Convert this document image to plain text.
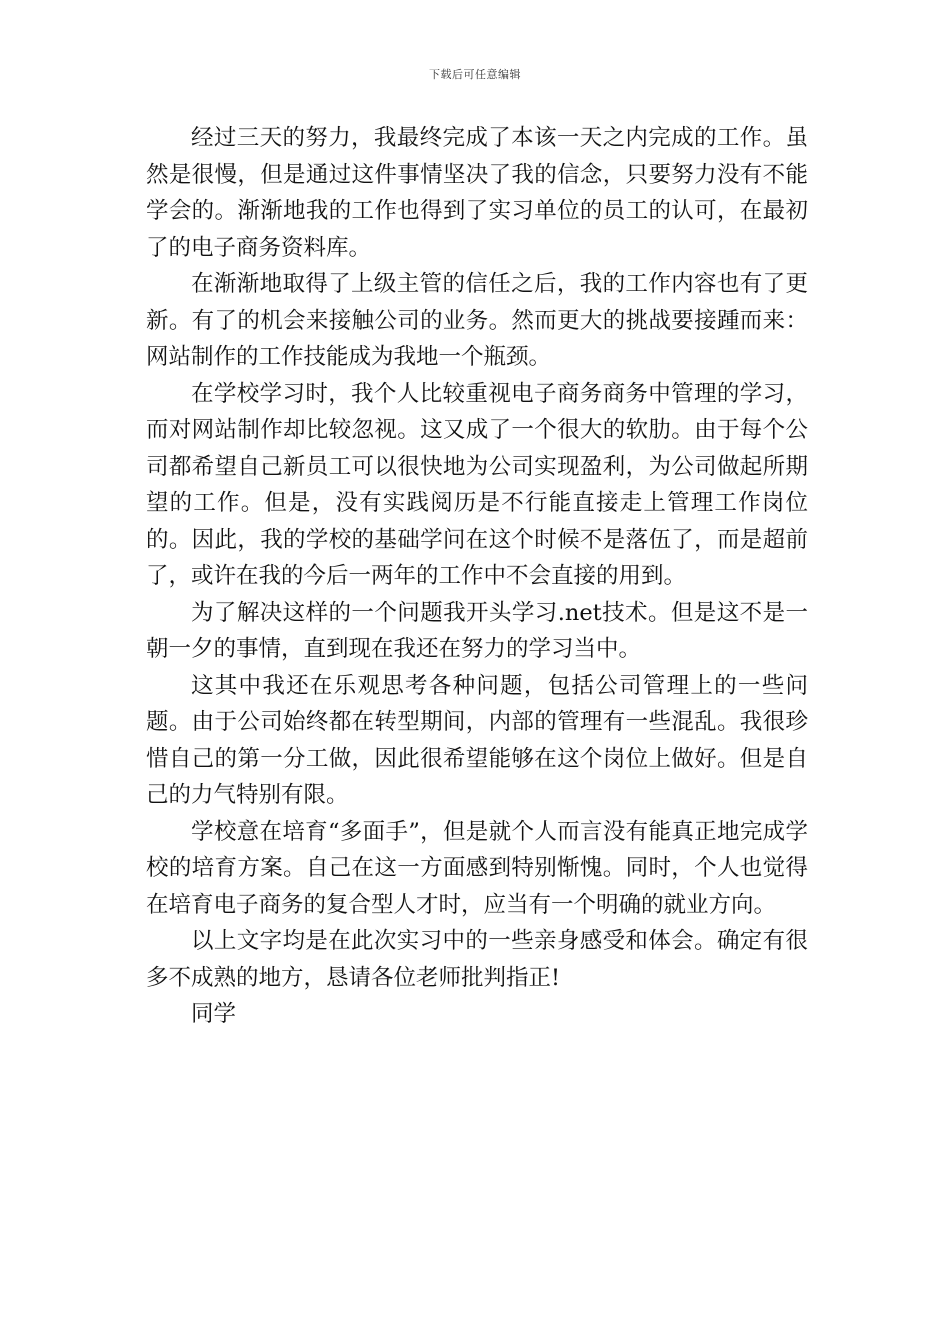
下载后可任意编辑

经过三天的努力，我最终完成了本该一天之内完成的工作。虽然是很慢，但是通过这件事情坚决了我的信念，只要努力没有不能学会的。渐渐地我的工作也得到了实习单位的员工的认可，在最初了的电子商务资料库。

在渐渐地取得了上级主管的信任之后，我的工作内容也有了更新。有了的机会来接触公司的业务。然而更大的挑战要接踵而来：网站制作的工作技能成为我地一个瓶颈。

在学校学习时，我个人比较重视电子商务商务中管理的学习，而对网站制作却比较忽视。这又成了一个很大的软肋。由于每个公司都希望自己新员工可以很快地为公司实现盈利，为公司做起所期望的工作。但是，没有实践阅历是不行能直接走上管理工作岗位的。因此，我的学校的基础学问在这个时候不是落伍了，而是超前了，或许在我的今后一两年的工作中不会直接的用到。

为了解决这样的一个问题我开头学习.net技术。但是这不是一朝一夕的事情，直到现在我还在努力的学习当中。

这其中我还在乐观思考各种问题，包括公司管理上的一些问题。由于公司始终都在转型期间，内部的管理有一些混乱。我很珍惜自己的第一分工做，因此很希望能够在这个岗位上做好。但是自己的力气特别有限。

学校意在培育“多面手”，但是就个人而言没有能真正地完成学校的培育方案。自己在这一方面感到特别惭愧。同时，个人也觉得在培育电子商务的复合型人才时，应当有一个明确的就业方向。

以上文字均是在此次实习中的一些亲身感受和体会。确定有很多不成熟的地方，恳请各位老师批判指正!

同学
